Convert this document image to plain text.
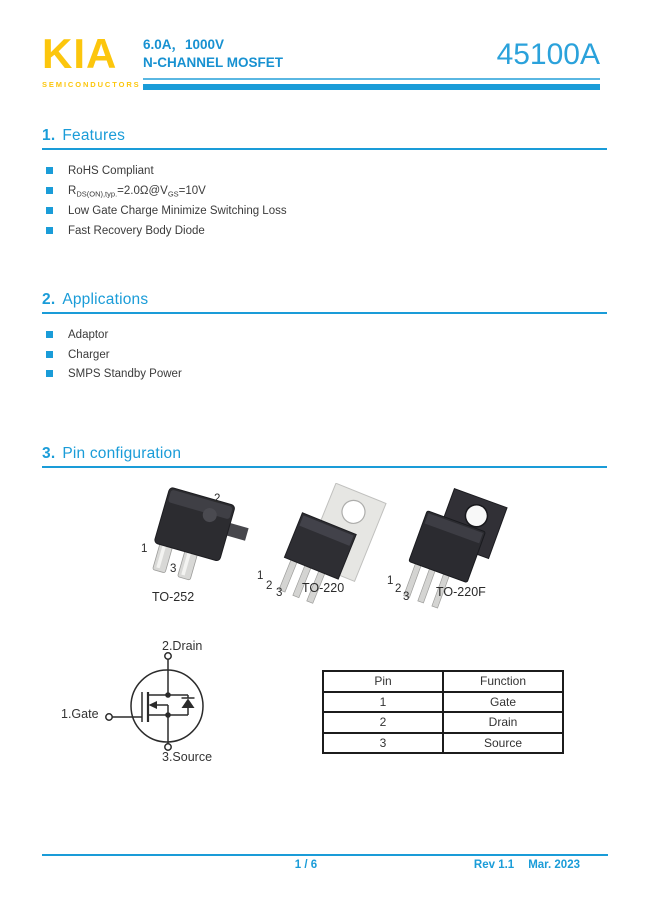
KIA
SEMICONDUCTORS
6.0A，1000V
N-CHANNEL MOSFET	45100A
1. Features
RoHS Compliant
$R_{DS(ON),typ.}=2.0\Omega@V_{GS}=10V$
Low Gate Charge Minimize Switching Loss
Fast Recovery Body Diode
2. Applications
Adaptor
Charger
SMPS Standby Power
3. Pin configuration
1
2
3
TO-252
1
2
3 TO-220	1
2
3 TO-220F
2.Drain
1.Gate
3.Source
Pin	Function
1	Gate
2	Drain
3	Source
1 / 6	Rev 1.1 Mar. 2023
